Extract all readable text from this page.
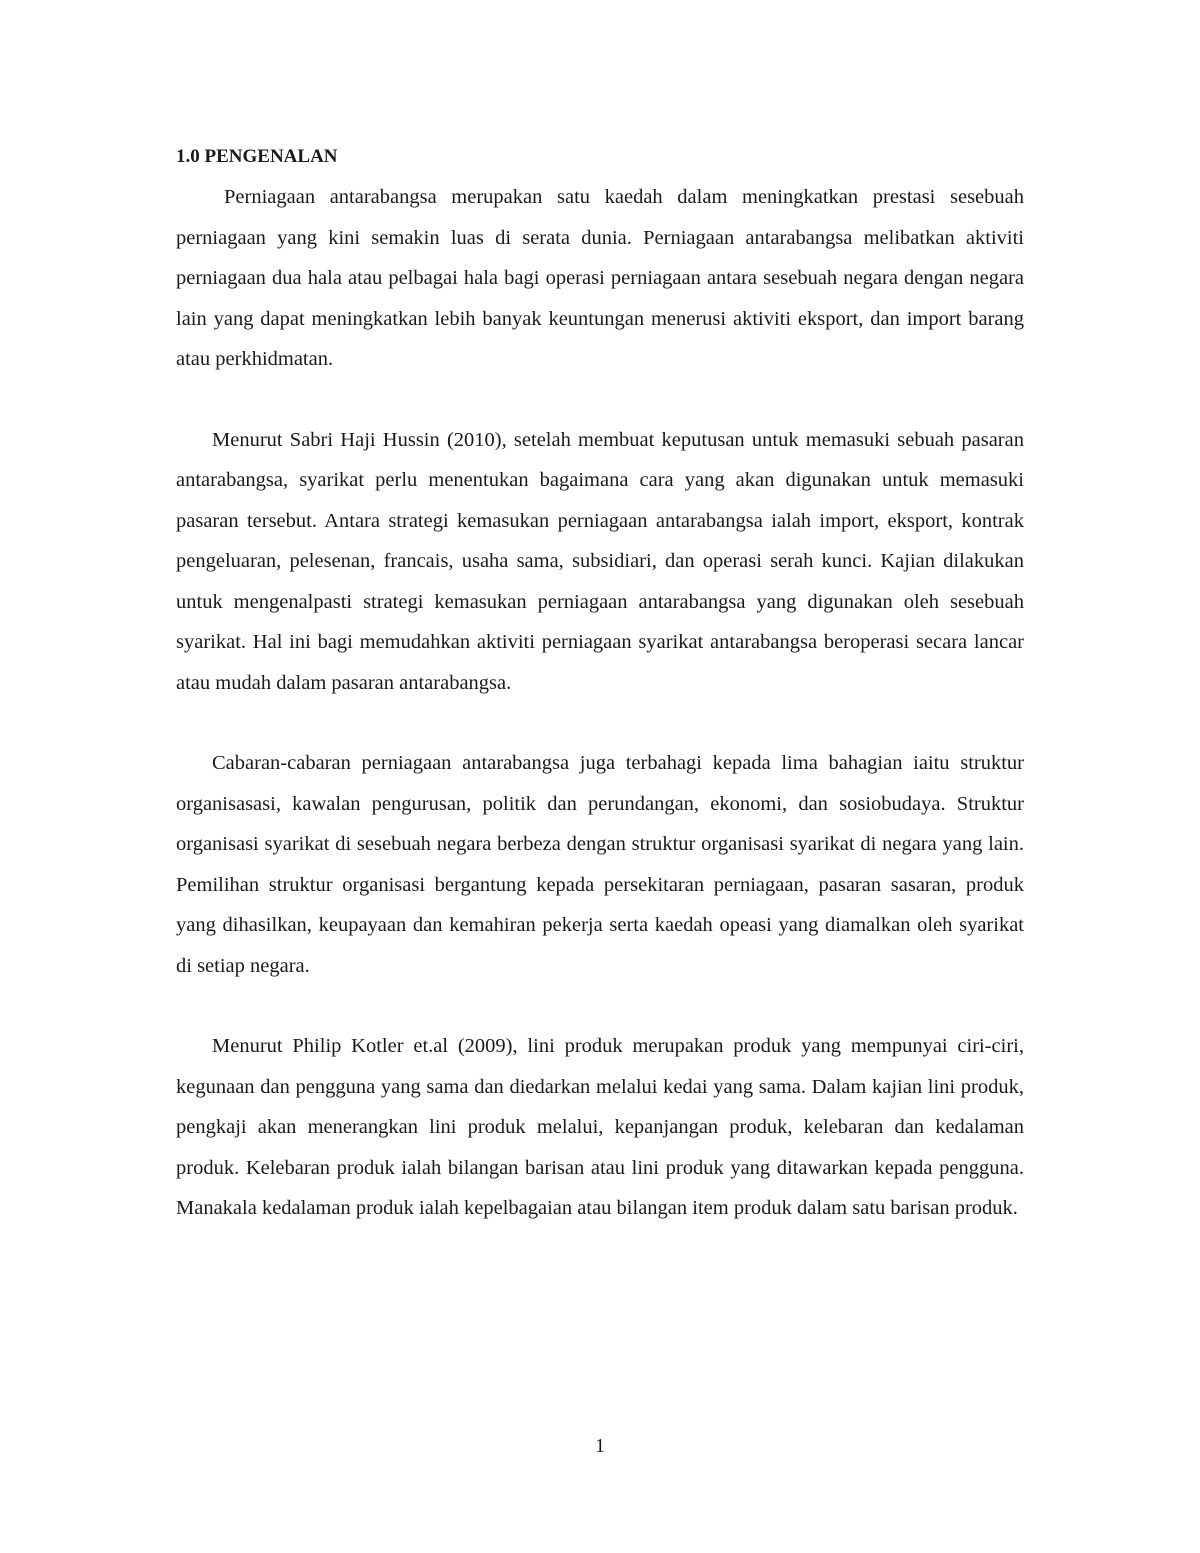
1.0 PENGENALAN

Perniagaan antarabangsa merupakan satu kaedah dalam meningkatkan prestasi sesebuah perniagaan yang kini semakin luas di serata dunia. Perniagaan antarabangsa melibatkan aktiviti perniagaan dua hala atau pelbagai hala bagi operasi perniagaan antara sesebuah negara dengan negara lain yang dapat meningkatkan lebih banyak keuntungan menerusi aktiviti eksport, dan import barang atau perkhidmatan.

Menurut Sabri Haji Hussin (2010), setelah membuat keputusan untuk memasuki sebuah pasaran antarabangsa, syarikat perlu menentukan bagaimana cara yang akan digunakan untuk memasuki pasaran tersebut. Antara strategi kemasukan perniagaan antarabangsa ialah import, eksport, kontrak pengeluaran, pelesenan, francais, usaha sama, subsidiari, dan operasi serah kunci. Kajian dilakukan untuk mengenalpasti strategi kemasukan perniagaan antarabangsa yang digunakan oleh sesebuah syarikat. Hal ini bagi memudahkan aktiviti perniagaan syarikat antarabangsa beroperasi secara lancar atau mudah dalam pasaran antarabangsa.

Cabaran-cabaran perniagaan antarabangsa juga terbahagi kepada lima bahagian iaitu struktur organisasasi, kawalan pengurusan, politik dan perundangan, ekonomi, dan sosiobudaya. Struktur organisasi syarikat di sesebuah negara berbeza dengan struktur organisasi syarikat di negara yang lain. Pemilihan struktur organisasi bergantung kepada persekitaran perniagaan, pasaran sasaran, produk yang dihasilkan, keupayaan dan kemahiran pekerja serta kaedah opeasi yang diamalkan oleh syarikat di setiap negara.

Menurut Philip Kotler et.al (2009), lini produk merupakan produk yang mempunyai ciri-ciri, kegunaan dan pengguna yang sama dan diedarkan melalui kedai yang sama. Dalam kajian lini produk, pengkaji akan menerangkan lini produk melalui, kepanjangan produk, kelebaran dan kedalaman produk. Kelebaran produk ialah bilangan barisan atau lini produk yang ditawarkan kepada pengguna. Manakala kedalaman produk ialah kepelbagaian atau bilangan item produk dalam satu barisan produk.

1
